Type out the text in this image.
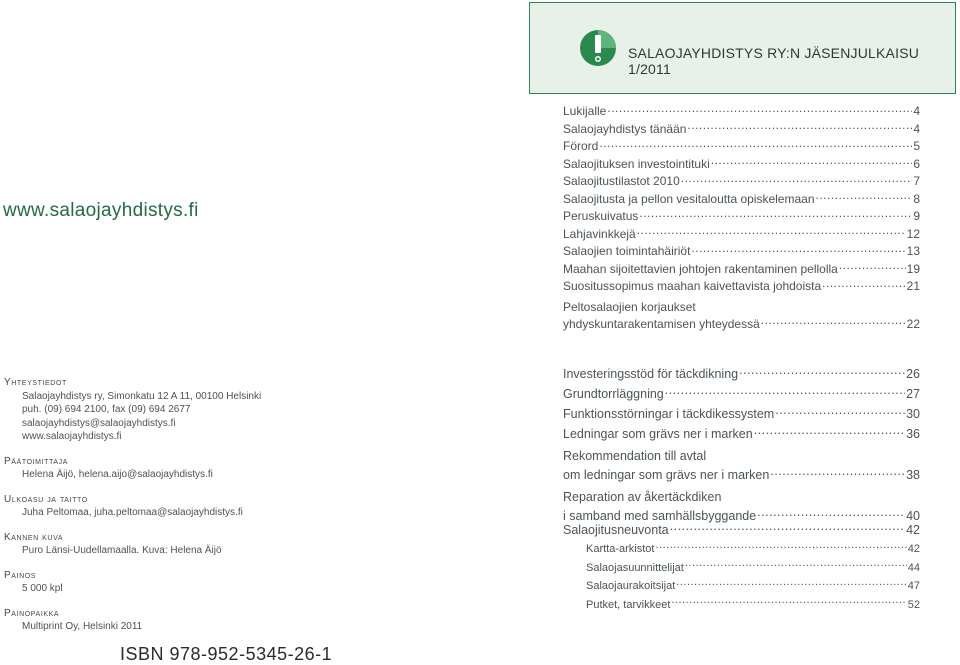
www.salaojayhdistys.fi
Yhteystiedot
Salaojayhdistys ry, Simonkatu 12 A 11, 00100 Helsinki
puh. (09) 694 2100, fax (09) 694 2677
salaojayhdistys@salaojayhdistys.fi
www.salaojayhdistys.fi
Päätoimittaja
Helena Äijö, helena.aijo@salaojayhdistys.fi
Ulkoasu ja taitto
Juha Peltomaa, juha.peltomaa@salaojayhdistys.fi
Kannen kuva
Puro Länsi-Uudellamaalla. Kuva: Helena Äijö
Painos
5 000 kpl
Painopaikka
Multiprint Oy, Helsinki 2011
ISBN 978-952-5345-26-1
SALAOJAYHDISTYS RY:N JÄSENJULKAISU 1/2011
Lukijalle .....	4
Salaojayhdistys tänään .....	4
Förord .....	5
Salaojituksen investointituki .....	6
Salaojitustilastot 2010 .....	7
Salaojitusta ja pellon vesitaloutta opiskelemaan .....	8
Peruskuivatus .....	9
Lahjavinkkejä .....	12
Salaojien toimintahäiriöt .....	13
Maahan sijoitettavien johtojen rakentaminen pellolla .....	19
Suositussopimus maahan kaivettavista johdoista .....	21
Peltosalaojien korjaukset
yhdyskuntarakentamisen yhteydessä .....	22
Investeringsstöd för täckdikning .....	26
Grundtorrläggning .....	27
Funktionsstörningar i täckdikessystem .....	30
Ledningar som grävs ner i marken .....	36
Rekommendation till avtal
om ledningar som grävs ner i marken .....	38
Reparation av åkertäckdiken
i samband med samhällsbyggande .....	40
Salaojitusneuvonta .....	42
Kartta-arkistot .....	42
Salaojasuunnittelijat .....	44
Salaojaurakoitsijat .....	47
Putket, tarvikkeet .....	52
